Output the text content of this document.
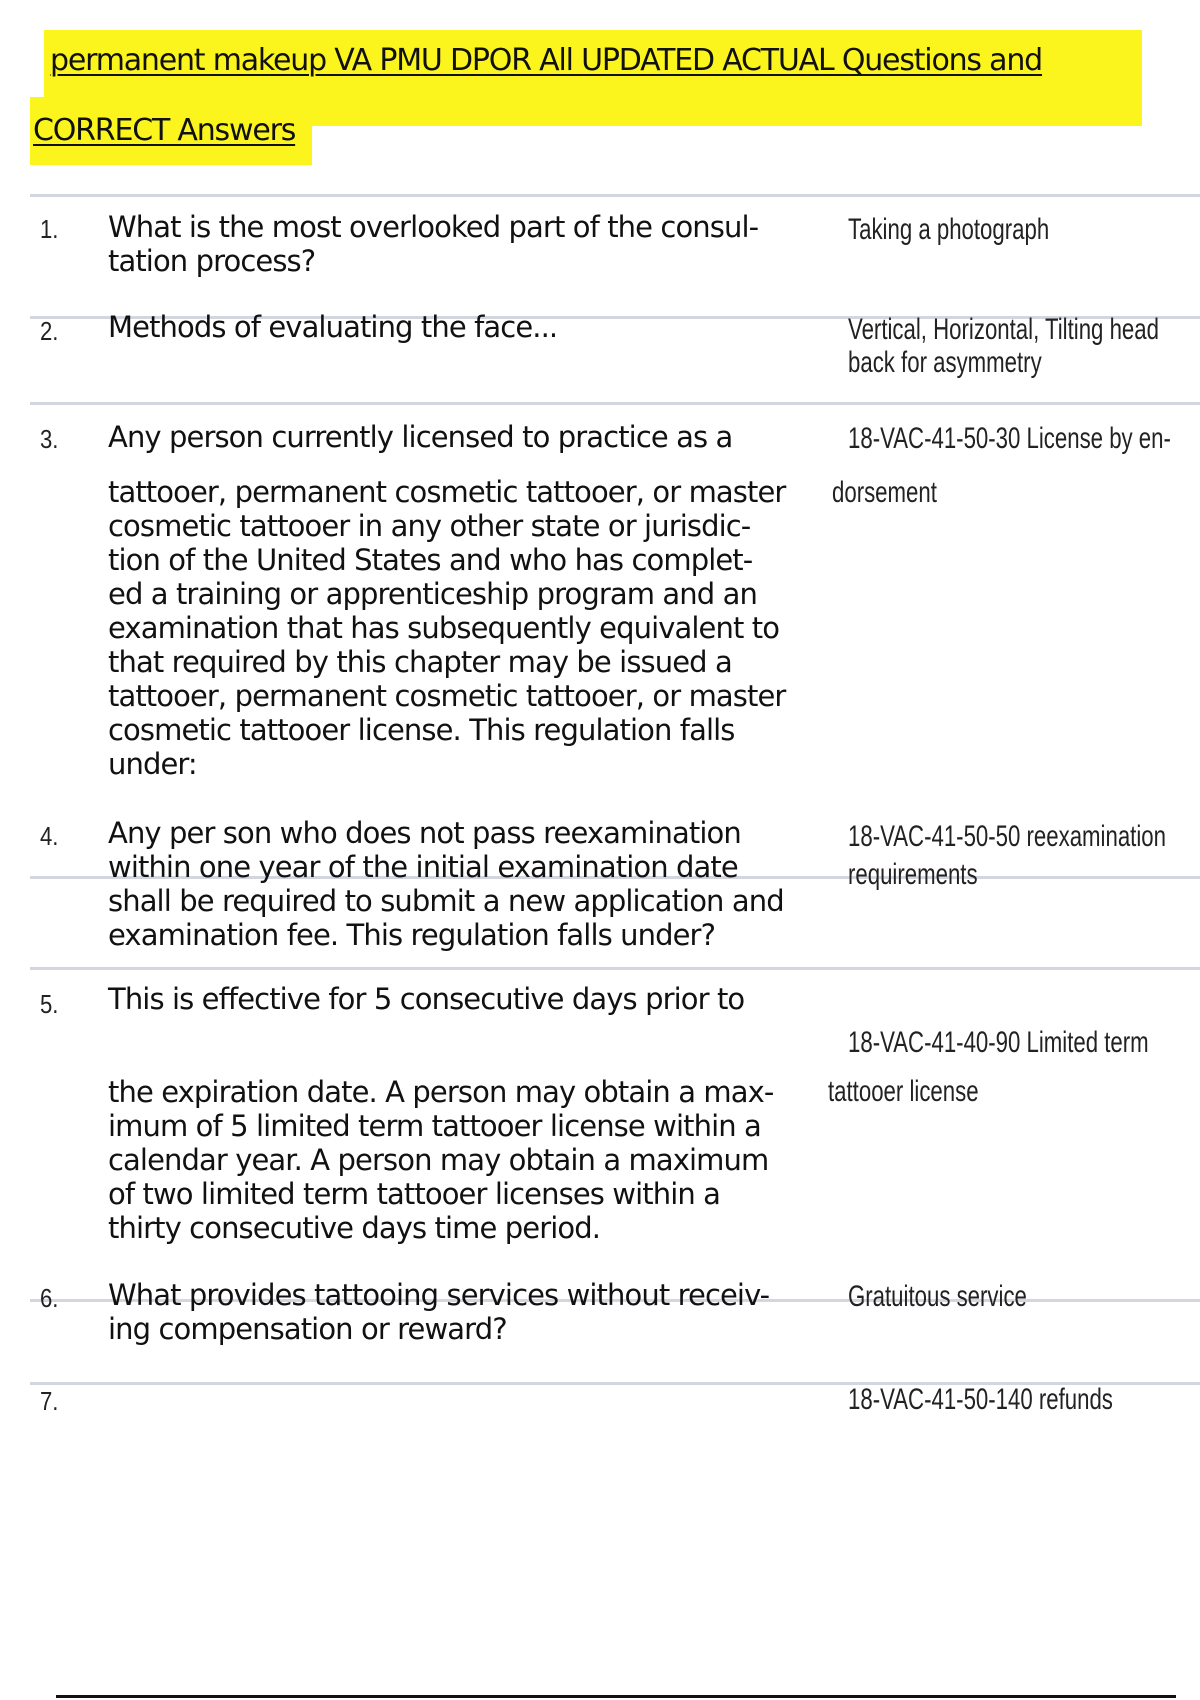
permanent makeup VA PMU DPOR All UPDATED ACTUAL Questions and
CORRECT Answers
1. What is the most overlooked part of the consul-
tation process?
Taking a photograph
2. Methods of evaluating the face...	Vertical, Horizontal, Tilting head
back for asymmetry
3. Any person currently licensed to practice as a
tattooer, permanent cosmetic tattooer, or master
cosmetic tattooer in any other state or jurisdic-
tion of the United States and who has complet-
ed a training or apprenticeship program and an
examination that has subsequently equivalent to
that required by this chapter may be issued a
tattooer, permanent cosmetic tattooer, or master
cosmetic tattooer license. This regulation falls
under:
18-VAC-41-50-30 License by en-
dorsement
4. Any per son who does not pass reexamination
within one year of the initial examination date
shall be required to submit a new application and
examination fee. This regulation falls under?
18-VAC-41-50-50 reexamination
requirements
5. This is effective for 5 consecutive days prior to
the expiration date. A person may obtain a max-
imum of 5 limited term tattooer license within a
calendar year. A person may obtain a maximum
of two limited term tattooer licenses within a
thirty consecutive days time period.
18-VAC-41-40-90 Limited term
tattooer license
6. What provides tattooing services without receiv-
ing compensation or reward?
Gratuitous service
7.	18-VAC-41-50-140 refunds
